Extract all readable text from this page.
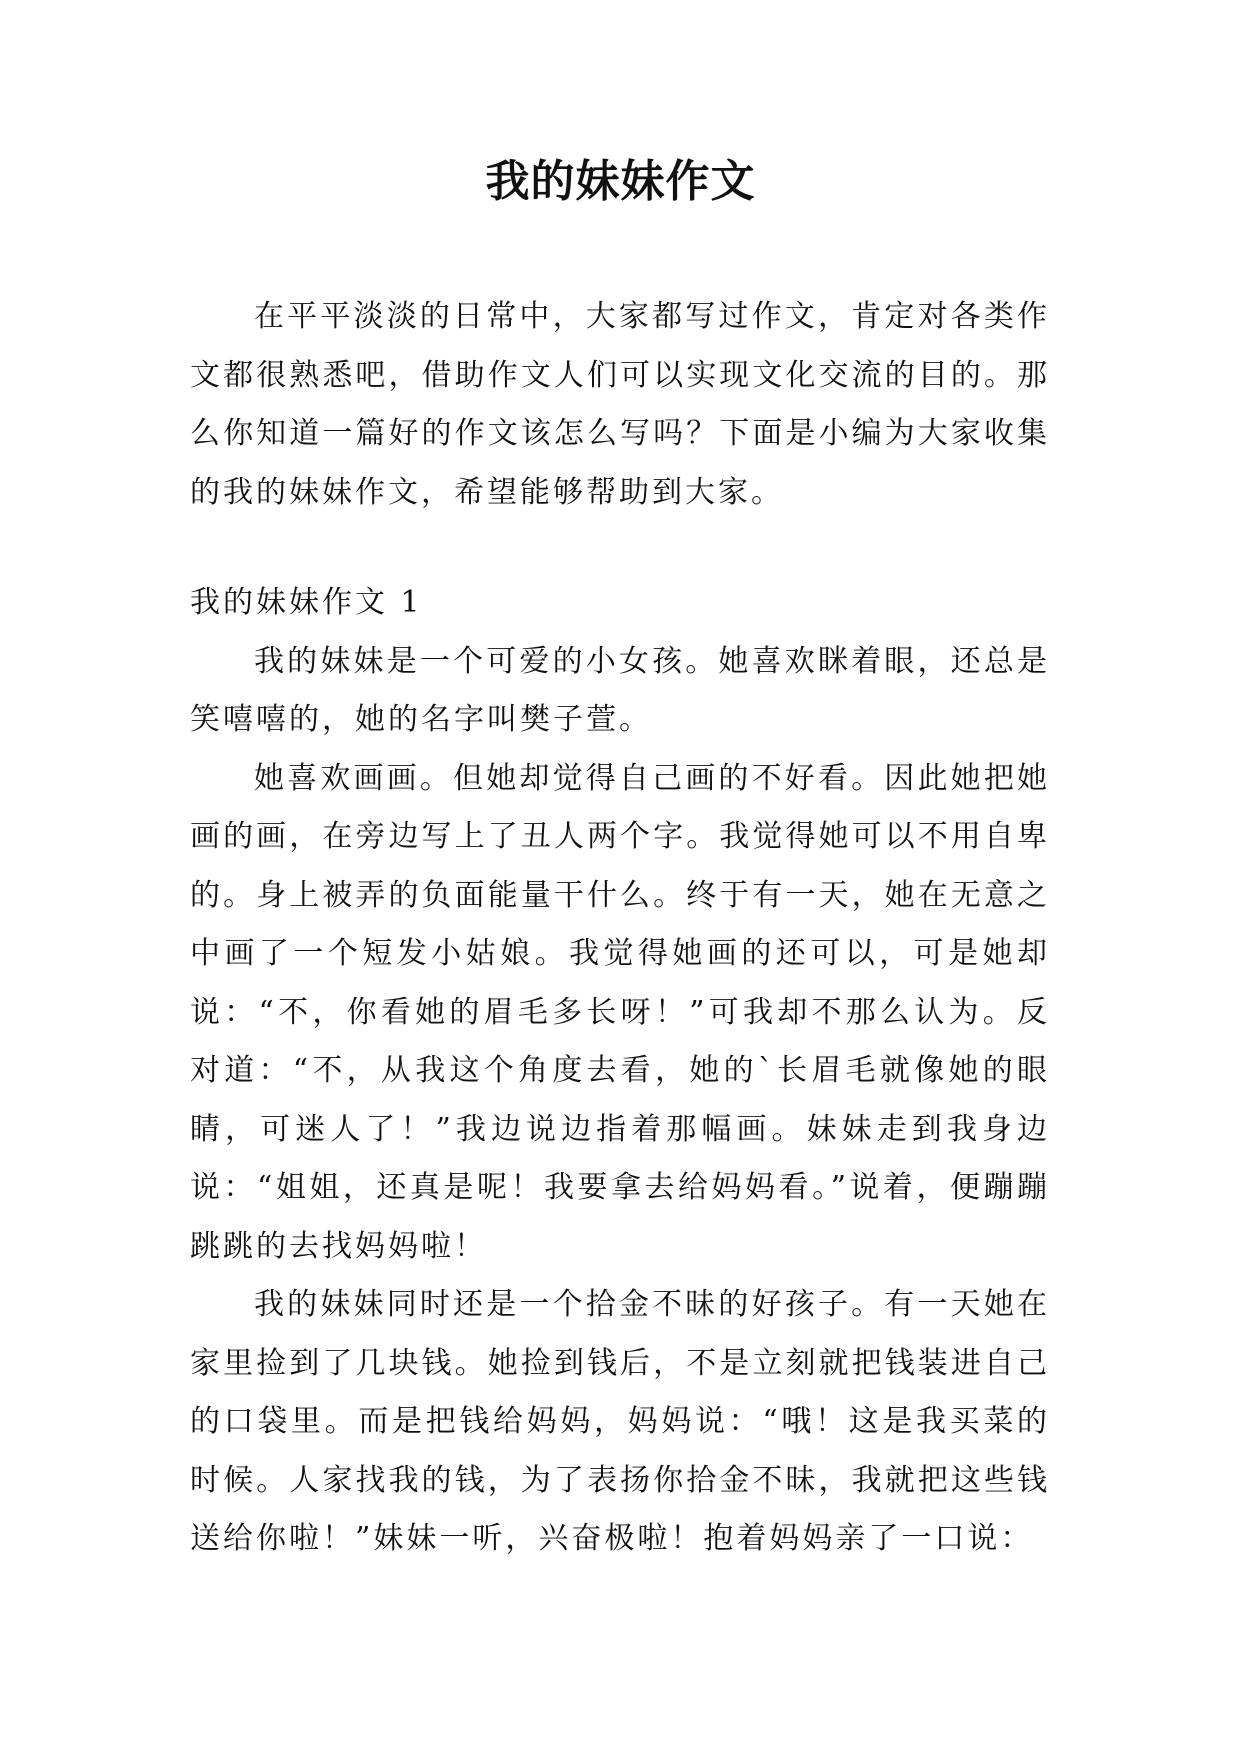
我的妹妹作文

在平平淡淡的日常中，大家都写过作文，肯定对各类作文都很熟悉吧，借助作文人们可以实现文化交流的目的。那么你知道一篇好的作文该怎么写吗？下面是小编为大家收集的我的妹妹作文，希望能够帮助到大家。

我的妹妹作文 1

我的妹妹是一个可爱的小女孩。她喜欢眯着眼，还总是笑嘻嘻的，她的名字叫樊子萱。

她喜欢画画。但她却觉得自己画的不好看。因此她把她画的画，在旁边写上了丑人两个字。我觉得她可以不用自卑的。身上被弄的负面能量干什么。终于有一天，她在无意之中画了一个短发小姑娘。我觉得她画的还可以，可是她却说：“不，你看她的眉毛多长呀！”可我却不那么认为。反对道：“不，从我这个角度去看，她的`长眉毛就像她的眼睛，可迷人了！”我边说边指着那幅画。妹妹走到我身边说：“姐姐，还真是呢！我要拿去给妈妈看。”说着，便蹦蹦跳跳的去找妈妈啦！

我的妹妹同时还是一个拾金不昧的好孩子。有一天她在家里捡到了几块钱。她捡到钱后，不是立刻就把钱装进自己的口袋里。而是把钱给妈妈，妈妈说：“哦！这是我买菜的时候。人家找我的钱，为了表扬你拾金不昧，我就把这些钱送给你啦！”妹妹一听，兴奋极啦！抱着妈妈亲了一口说：
